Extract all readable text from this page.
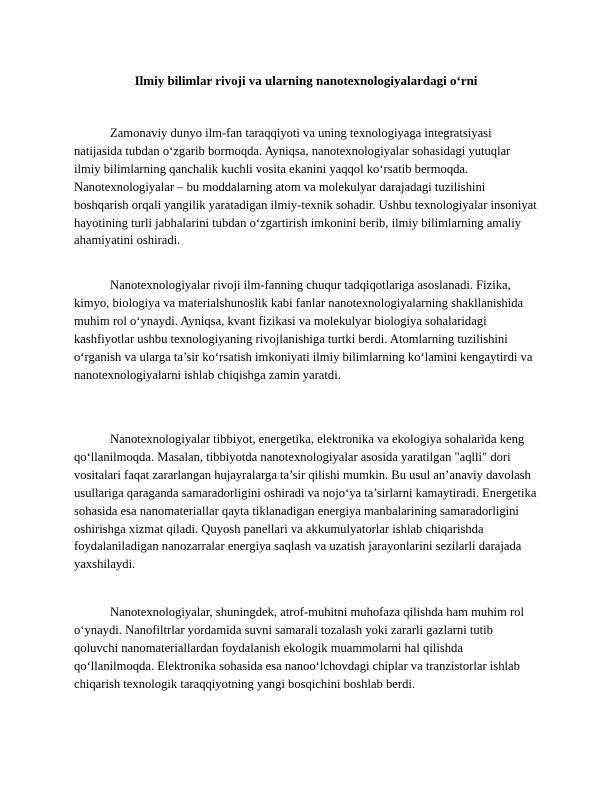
Ilmiy bilimlar rivoji va ularning nanotexnologiyalardagi o‘rni

Zamonaviy dunyo ilm-fan taraqqiyoti va uning texnologiyaga integratsiyasi natijasida tubdan o‘zgarib bormoqda. Ayniqsa, nanotexnologiyalar sohasidagi yutuqlar ilmiy bilimlarning qanchalik kuchli vosita ekanini yaqqol ko‘rsatib bermoqda. Nanotexnologiyalar – bu moddalarning atom va molekulyar darajadagi tuzilishini boshqarish orqali yangilik yaratadigan ilmiy-texnik sohadir. Ushbu texnologiyalar insoniyat hayotining turli jabhalarini tubdan o‘zgartirish imkonini berib, ilmiy bilimlarning amaliy ahamiyatini oshiradi.

Nanotexnologiyalar rivoji ilm-fanning chuqur tadqiqotlariga asoslanadi. Fizika, kimyo, biologiya va materialshunoslik kabi fanlar nanotexnologiyalarning shakllanishida muhim rol o‘ynaydi. Ayniqsa, kvant fizikasi va molekulyar biologiya sohalaridagi kashfiyotlar ushbu texnologiyaning rivojlanishiga turtki berdi. Atomlarning tuzilishini o‘rganish va ularga ta’sir ko‘rsatish imkoniyati ilmiy bilimlarning ko‘lamini kengaytirdi va nanotexnologiyalarni ishlab chiqishga zamin yaratdi.

Nanotexnologiyalar tibbiyot, energetika, elektronika va ekologiya sohalarida keng qo‘llanilmoqda. Masalan, tibbiyotda nanotexnologiyalar asosida yaratilgan "aqlli" dori vositalari faqat zararlangan hujayralarga ta’sir qilishi mumkin. Bu usul an’anaviy davolash usullariga qaraganda samaradorligini oshiradi va nojo‘ya ta’sirlarni kamaytiradi. Energetika sohasida esa nanomateriallar qayta tiklanadigan energiya manbalarining samaradorligini oshirishga xizmat qiladi. Quyosh panellari va akkumulyatorlar ishlab chiqarishda foydalaniladigan nanozarralar energiya saqlash va uzatish jarayonlarini sezilarli darajada yaxshilaydi.

Nanotexnologiyalar, shuningdek, atrof-muhitni muhofaza qilishda ham muhim rol o‘ynaydi. Nanofiltrlar yordamida suvni samarali tozalash yoki zararli gazlarni tutib qoluvchi nanomateriallardan foydalanish ekologik muammolarni hal qilishda qo‘llanilmoqda. Elektronika sohasida esa nanoo‘lchovdagi chiplar va tranzistorlar ishlab chiqarish texnologik taraqqiyotning yangi bosqichini boshlab berdi.
